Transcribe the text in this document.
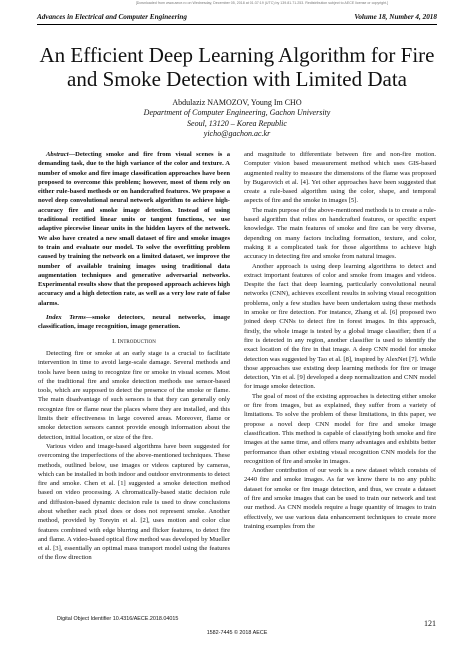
[Downloaded from www.aece.ro on Wednesday, December 05, 2018 at 01:37:19 (UTC) by 139.81.71.253. Redistribution subject to AECE license or copyright.]
Advances in Electrical and Computer Engineering	Volume 18, Number 4, 2018
An Efficient Deep Learning Algorithm for Fire and Smoke Detection with Limited Data
Abdulaziz NAMOZOV, Young Im CHO
Department of Computer Engineering, Gachon University
Seoul, 13120 – Korea Republic
yicho@gachon.ac.kr

Abstract—Detecting smoke and fire from visual scenes is a demanding task, due to the high variance of the color and texture. A number of smoke and fire image classification approaches have been proposed to overcome this problem; however, most of them rely on either rule-based methods or on handcrafted features. We propose a novel deep convolutional neural network algorithm to achieve high-accuracy fire and smoke image detection. Instead of using traditional rectified linear units or tangent functions, we use adaptive piecewise linear units in the hidden layers of the network. We also have created a new small dataset of fire and smoke images to train and evaluate our model. To solve the overfitting problem caused by training the network on a limited dataset, we improve the number of available training images using traditional data augmentation techniques and generative adversarial networks. Experimental results show that the proposed approach achieves high accuracy and a high detection rate, as well as a very low rate of false alarms.

Index Terms—smoke detectors, neural networks, image classification, image recognition, image generation.

I. Introduction

Detecting fire or smoke at an early stage is a crucial to facilitate intervention in time to avoid large-scale damage. Several methods and tools have been using to recognize fire or smoke in visual scenes. Most of the traditional fire and smoke detection methods use sensor-based tools, which are supposed to detect the presence of the smoke or flame. The main disadvantage of such sensors is that they can generally only recognize fire or flame near the places where they are installed, and this limits their effectiveness in large covered areas. Moreover, flame or smoke detection sensors cannot provide enough information about the detection, initial location, or size of the fire.

Various video and image-based algorithms have been suggested for overcoming the imperfections of the above-mentioned techniques. These methods, outlined below, use images or videos captured by cameras, which can be installed in both indoor and outdoor environments to detect fire and smoke. Chen et al. [1] suggested a smoke detection method based on video processing. A chromatically-based static decision rule and diffusion-based dynamic decision rule is used to draw conclusions about whether each pixel does or does not represent smoke. Another method, provided by Toreyin et al. [2], uses motion and color clue features combined with edge blurring and flicker features, to detect fire and flame. A video-based optical flow method was developed by Mueller et al. [3], essentially an optimal mass transport model using the features of the flow direction

and magnitude to differentiate between fire and non-fire motion. Computer vision based measurement method which uses GIS-based augmented reality to measure the dimensions of the flame was proposed by Bugarovich et al. [4]. Yet other approaches have been suggested that create a rule-based algorithm using the color, shape, and temporal aspects of fire and the smoke in images [5].

The main purpose of the above-mentioned methods is to create a rule-based algorithm that relies on handcrafted features, or specific expert knowledge. The main features of smoke and fire can be very diverse, depending on many factors including formation, texture, and color, making it a complicated task for those algorithms to achieve high accuracy in detecting fire and smoke from natural images.

Another approach is using deep learning algorithms to detect and extract important features of color and smoke from images and videos. Despite the fact that deep learning, particularly convolutional neural networks (CNN), achieves excellent results in solving visual recognition problems, only a few studies have been undertaken using these methods in smoke or fire detection. For instance, Zhang et al. [6] proposed two joined deep CNNs to detect fire in forest images. In this approach, firstly, the whole image is tested by a global image classifier; then if a fire is detected in any region, another classifier is used to identify the exact location of the fire in that image. A deep CNN model for smoke detection was suggested by Tao et al. [8], inspired by AlexNet [7]. While those approaches use existing deep learning methods for fire or image detection, Yin et al. [9] developed a deep normalization and CNN model for image smoke detection.

The goal of most of the existing approaches is detecting either smoke or fire from images, but as explained, they suffer from a variety of limitations. To solve the problem of these limitations, in this paper, we propose a novel deep CNN model for fire and smoke image classification. This method is capable of classifying both smoke and fire images at the same time, and offers many advantages and exhibits better performance than other existing visual recognition CNN models for the recognition of fire and smoke in images.

Another contribution of our work is a new dataset which consists of 2440 fire and smoke images. As far we know there is no any public dataset for smoke or fire image detection, and thus, we create a dataset of fire and smoke images that can be used to train our network and test our method. As CNN models require a huge quantity of images to train effectively, we use various data enhancement techniques to create more training examples from the

Digital Object Identifier 10.4316/AECE.2018.04015	121
1582-7445 © 2018 AECE
